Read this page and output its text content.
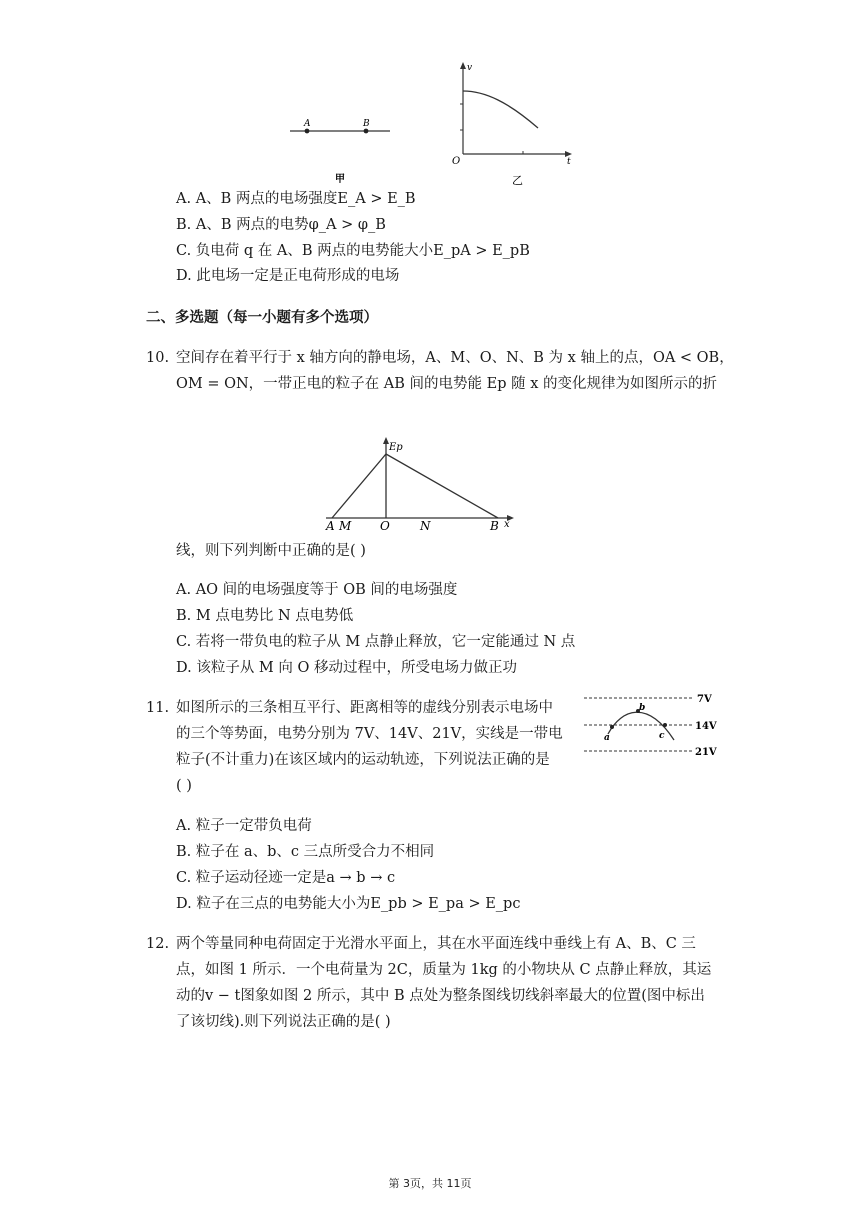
A	B
甲
v
t
O
乙
A. A、B 两点的电场强度E_A > E_B
B. A、B 两点的电势φ_A > φ_B
C. 负电荷 q 在 A、B 两点的电势能大小E_pA > E_pB
D. 此电场一定是正电荷形成的电场
二、多选题（每一小题有多个选项）
10. 空间存在着平行于 x 轴方向的静电场，A、M、O、N、B 为 x 轴上的点，OA < OB，
OM = ON，一带正电的粒子在 AB 间的电势能 Ep 随 x 的变化规律为如图所示的折
Ep
x
A M O	N	B
线，则下列判断中正确的是( )
A. AO 间的电场强度等于 OB 间的电场强度
B. M 点电势比 N 点电势低
C. 若将一带负电的粒子从 M 点静止释放，它一定能通过 N 点
D. 该粒子从 M 向 O 移动过程中，所受电场力做正功
11. 如图所示的三条相互平行、距离相等的虚线分别表示电场中
的三个等势面，电势分别为 7V、14V、21V，实线是一带电
粒子(不计重力)在该区域内的运动轨迹，下列说法正确的是
( )
a
b
c
7V
14V
21V
A. 粒子一定带负电荷
B. 粒子在 a、b、c 三点所受合力不相同
C. 粒子运动径迹一定是a → b → c
D. 粒子在三点的电势能大小为E_pb > E_pa > E_pc
12. 两个等量同种电荷固定于光滑水平面上，其在水平面连线中垂线上有 A、B、C 三
点，如图 1 所示．一个电荷量为 2C，质量为 1kg 的小物块从 C 点静止释放，其运
动的v − t图象如图 2 所示，其中 B 点处为整条图线切线斜率最大的位置(图中标出
了该切线).则下列说法正确的是( )
第 3页，共 11页
